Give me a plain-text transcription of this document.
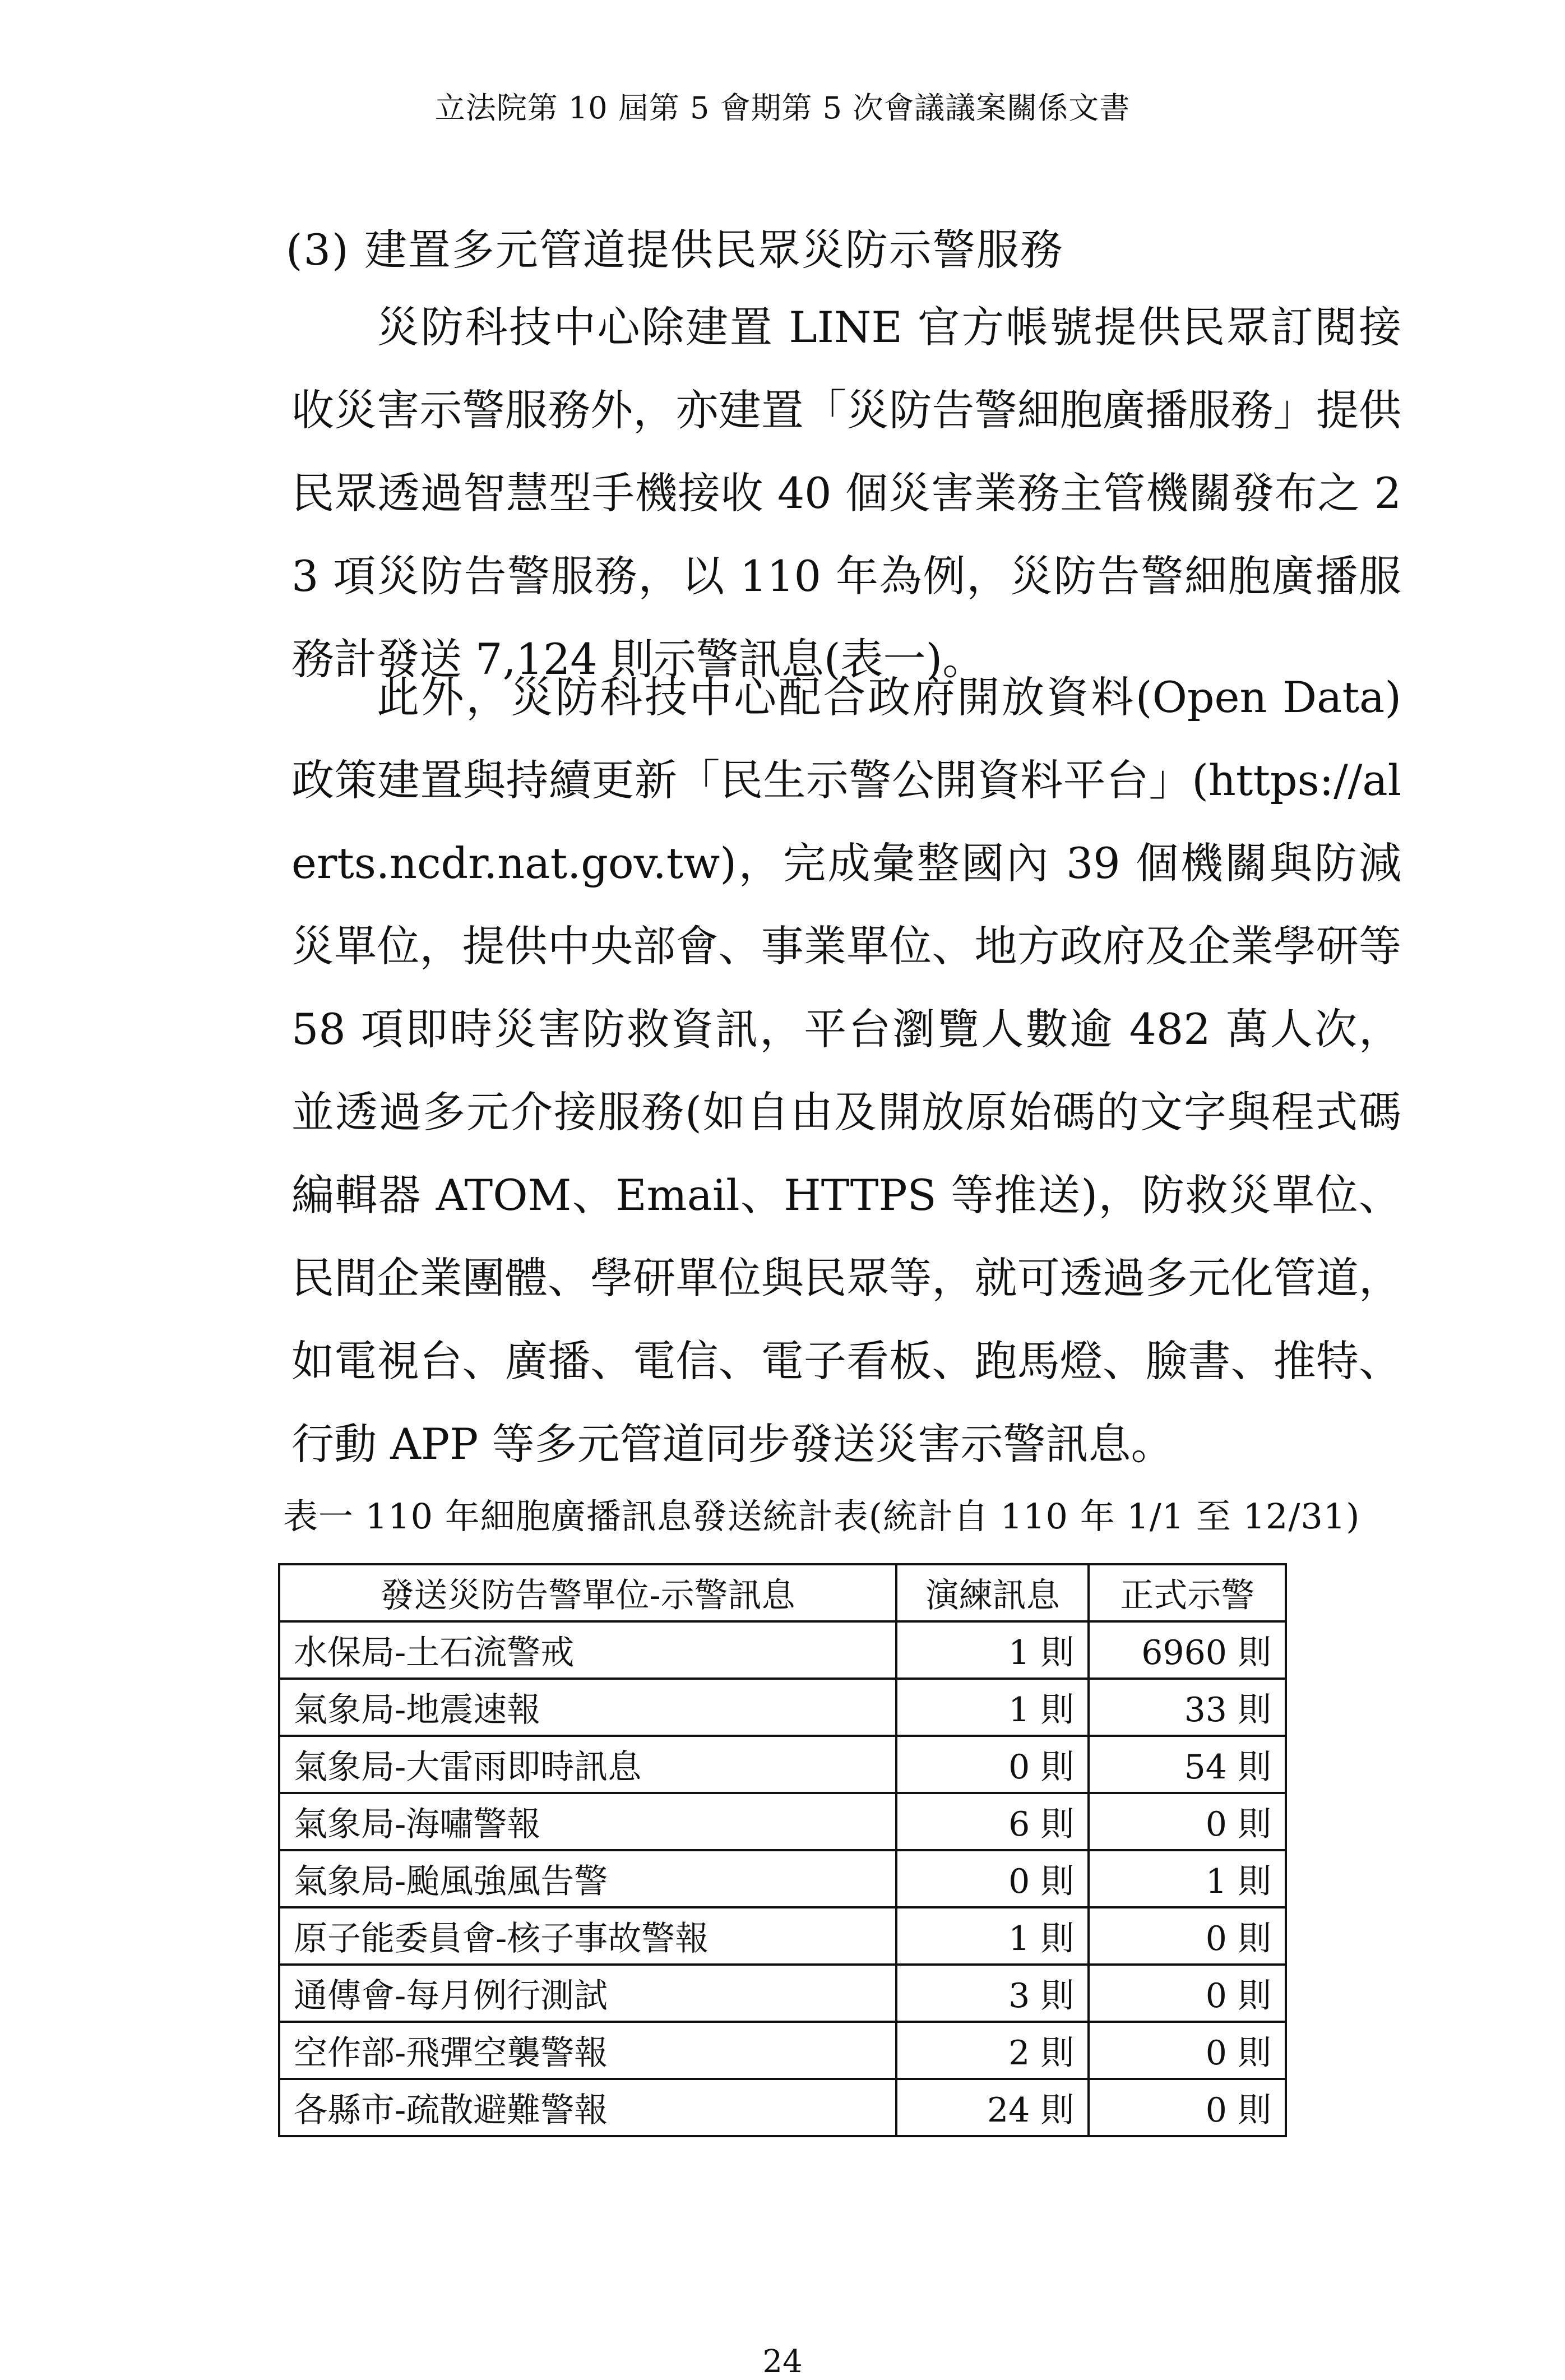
立法院第 10 屆第 5 會期第 5 次會議議案關係文書
(3) 建置多元管道提供民眾災防示警服務

災防科技中心除建置 LINE 官方帳號提供民眾訂閱接收災害示警服務外，亦建置「災防告警細胞廣播服務」提供民眾透過智慧型手機接收 40 個災害業務主管機關發布之 23 項災防告警服務，以 110 年為例，災防告警細胞廣播服務計發送 7,124 則示警訊息(表一)。

此外，災防科技中心配合政府開放資料(Open Data)政策建置與持續更新「民生示警公開資料平台」(https://alerts.ncdr.nat.gov.tw)，完成彙整國內 39 個機關與防減災單位，提供中央部會、事業單位、地方政府及企業學研等 58 項即時災害防救資訊，平台瀏覽人數逾 482 萬人次，並透過多元介接服務(如自由及開放原始碼的文字與程式碼編輯器 ATOM、Email、HTTPS 等推送)，防救災單位、民間企業團體、學研單位與民眾等，就可透過多元化管道，如電視台、廣播、電信、電子看板、跑馬燈、臉書、推特、行動 APP 等多元管道同步發送災害示警訊息。

表一 110 年細胞廣播訊息發送統計表(統計自 110 年 1/1 至 12/31)
發送災防告警單位-示警訊息	演練訊息	正式示警
水保局-土石流警戒	1 則	6960 則
氣象局-地震速報	1 則	33 則
氣象局-大雷雨即時訊息	0 則	54 則
氣象局-海嘯警報	6 則	0 則
氣象局-颱風強風告警	0 則	1 則
原子能委員會-核子事故警報	1 則	0 則
通傳會-每月例行測試	3 則	0 則
空作部-飛彈空襲警報	2 則	0 則
各縣市-疏散避難警報	24 則	0 則
24
